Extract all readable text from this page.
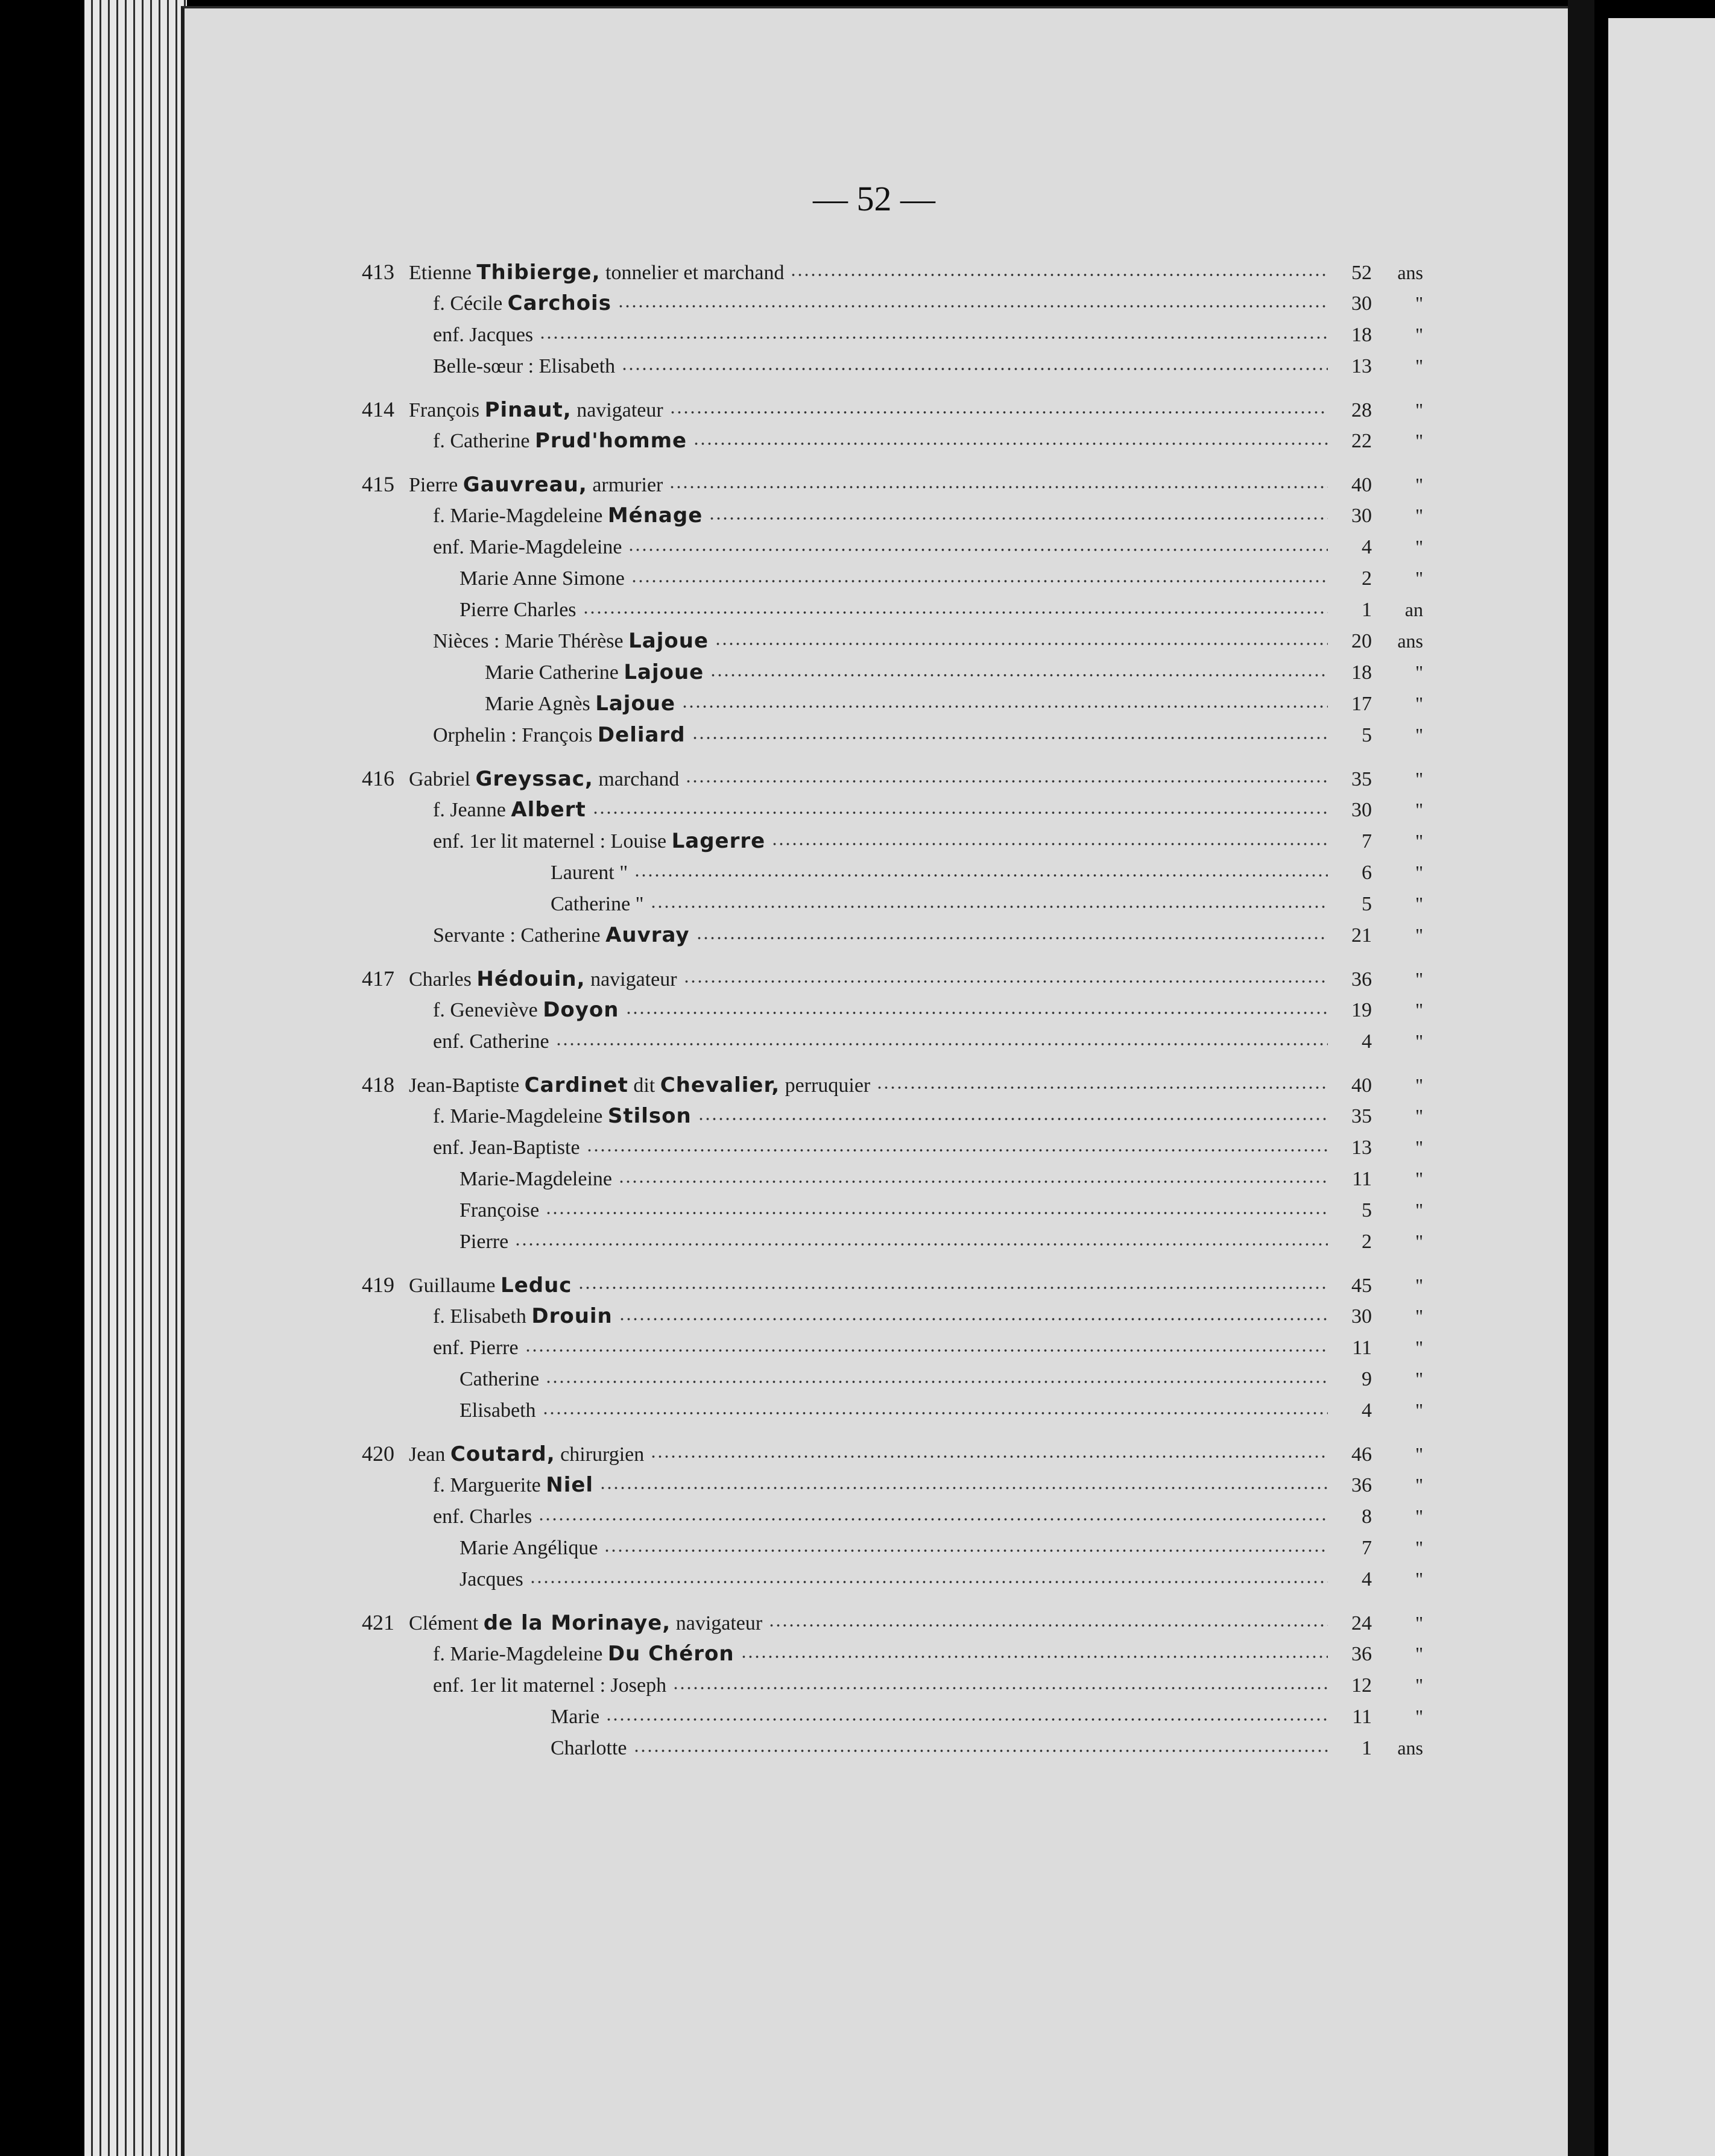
— 52 —
413 Etienne Thibierge, tonnelier et marchand	52	ans
f. Cécile Carchois	30	"
enf. Jacques	18	"
Belle-sœur : Elisabeth	13	"
414 François Pinaut, navigateur	28	"
f. Catherine Prud'homme	22	"
415 Pierre Gauvreau, armurier	40	"
f. Marie-Magdeleine Ménage	30	"
enf. Marie-Magdeleine	4	"
Marie Anne Simone	2	"
Pierre Charles	1	an
Nièces : Marie Thérèse Lajoue	20	ans
Marie Catherine Lajoue	18	"
Marie Agnès Lajoue	17	"
Orphelin : François Deliard	5	"
416 Gabriel Greyssac, marchand	35	"
f. Jeanne Albert	30	"
enf. 1er lit maternel : Louise Lagerre	7	"
Laurent "	6	"
Catherine "	5	"
Servante : Catherine Auvray	21	"
417 Charles Hédouin, navigateur	36	"
f. Geneviève Doyon	19	"
enf. Catherine	4	"
418 Jean-Baptiste Cardinet dit Chevalier, perruquier	40	"
f. Marie-Magdeleine Stilson	35	"
enf. Jean-Baptiste	13	"
Marie-Magdeleine	11	"
Françoise	5	"
Pierre	2	"
419 Guillaume Leduc	45	"
f. Elisabeth Drouin	30	"
enf. Pierre	11	"
Catherine	9	"
Elisabeth	4	"
420 Jean Coutard, chirurgien	46	"
f. Marguerite Niel	36	"
enf. Charles	8	"
Marie Angélique	7	"
Jacques	4	"
421 Clément de la Morinaye, navigateur	24	"
f. Marie-Magdeleine Du Chéron	36	"
enf. 1er lit maternel : Joseph	12	"
Marie	11	"
Charlotte	1	ans
